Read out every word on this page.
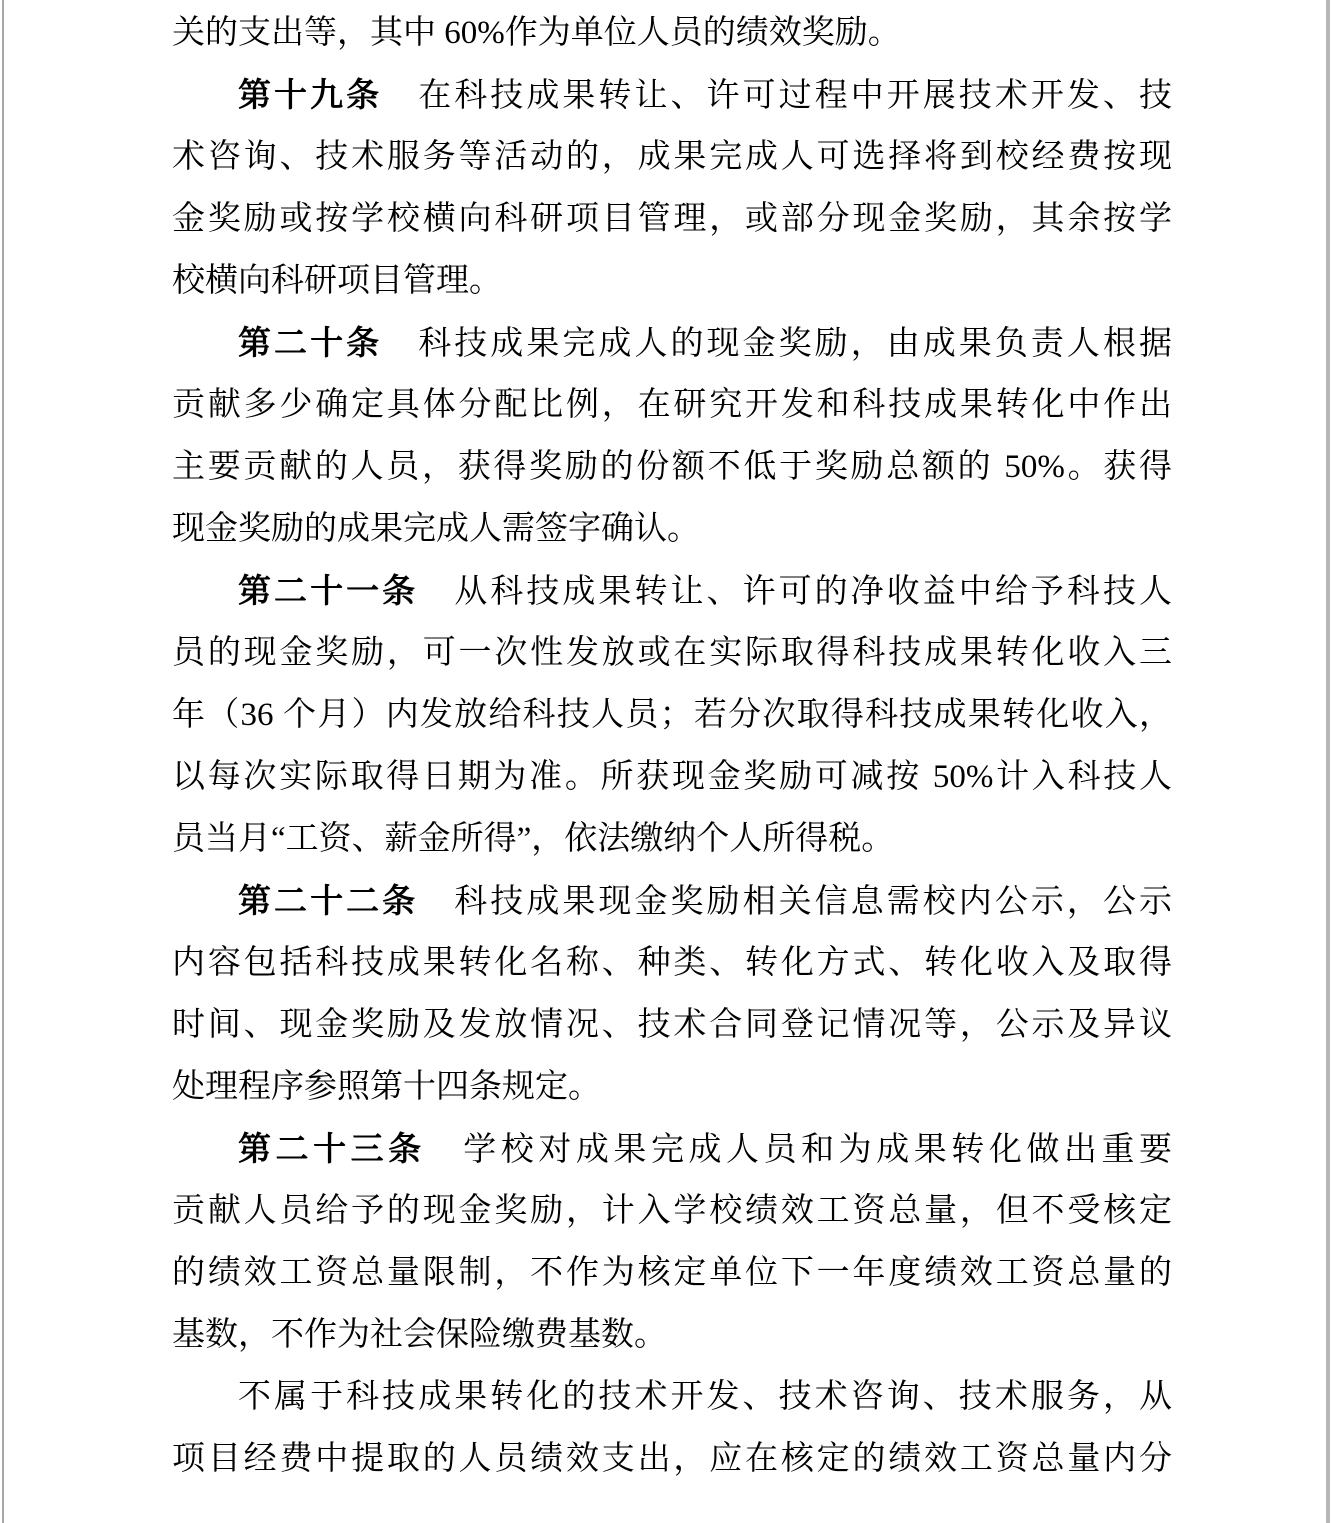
关的支出等，其中 60%作为单位人员的绩效奖励。
第十九条　在科技成果转让、许可过程中开展技术开发、技
术咨询、技术服务等活动的，成果完成人可选择将到校经费按现
金奖励或按学校横向科研项目管理，或部分现金奖励，其余按学
校横向科研项目管理。
第二十条　科技成果完成人的现金奖励，由成果负责人根据
贡献多少确定具体分配比例，在研究开发和科技成果转化中作出
主要贡献的人员，获得奖励的份额不低于奖励总额的 50%。获得
现金奖励的成果完成人需签字确认。
第二十一条　从科技成果转让、许可的净收益中给予科技人
员的现金奖励，可一次性发放或在实际取得科技成果转化收入三
年（36 个月）内发放给科技人员；若分次取得科技成果转化收入，
以每次实际取得日期为准。所获现金奖励可减按 50%计入科技人
员当月“工资、薪金所得”，依法缴纳个人所得税。
第二十二条　科技成果现金奖励相关信息需校内公示，公示
内容包括科技成果转化名称、种类、转化方式、转化收入及取得
时间、现金奖励及发放情况、技术合同登记情况等，公示及异议
处理程序参照第十四条规定。
第二十三条　学校对成果完成人员和为成果转化做出重要
贡献人员给予的现金奖励，计入学校绩效工资总量，但不受核定
的绩效工资总量限制，不作为核定单位下一年度绩效工资总量的
基数，不作为社会保险缴费基数。
不属于科技成果转化的技术开发、技术咨询、技术服务，从
项目经费中提取的人员绩效支出，应在核定的绩效工资总量内分
